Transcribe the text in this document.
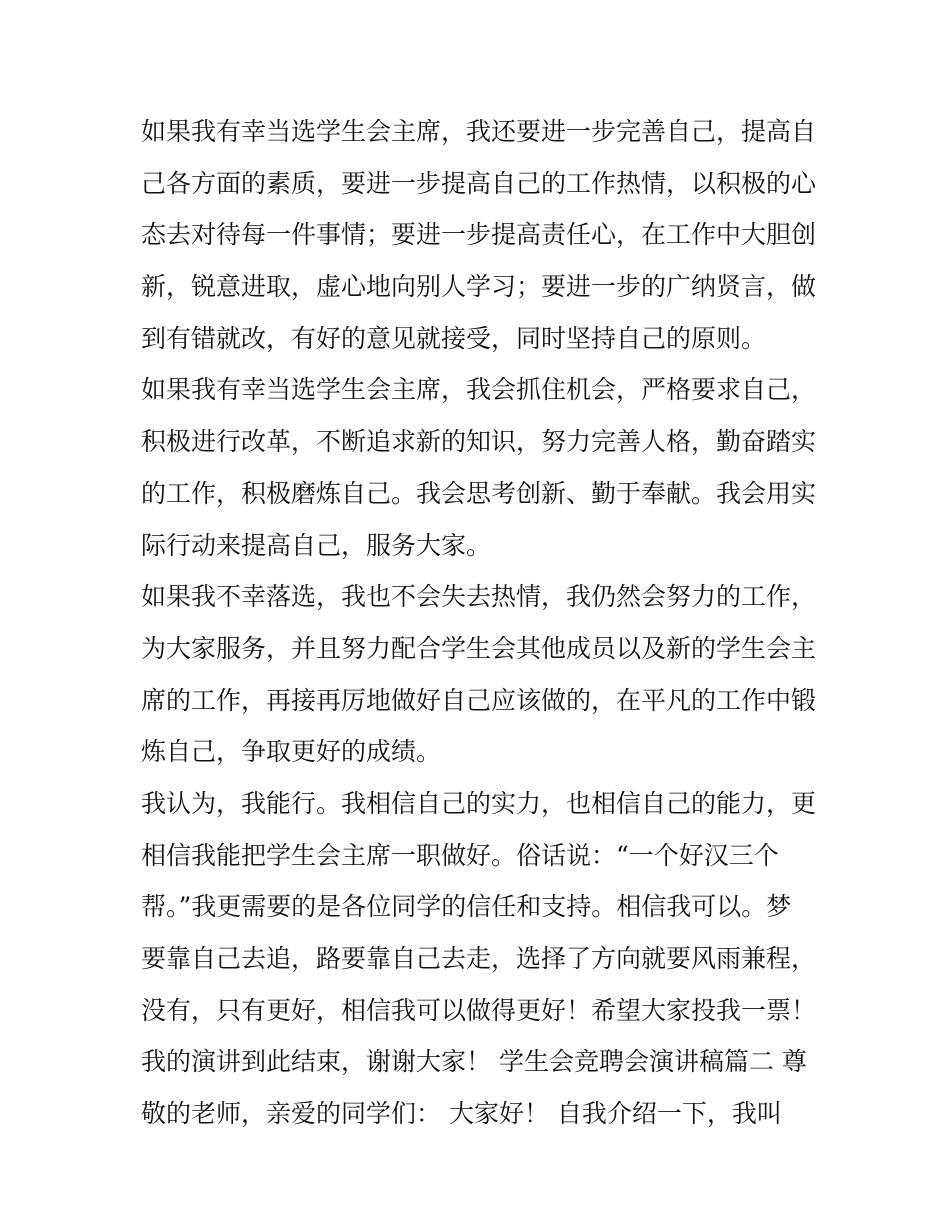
如果我有幸当选学生会主席，我还要进一步完善自己，提高自
己各方面的素质，要进一步提高自己的工作热情，以积极的心
态去对待每一件事情；要进一步提高责任心，在工作中大胆创
新，锐意进取，虚心地向别人学习；要进一步的广纳贤言，做
到有错就改，有好的意见就接受，同时坚持自己的原则。
如果我有幸当选学生会主席，我会抓住机会，严格要求自己，
积极进行改革，不断追求新的知识，努力完善人格，勤奋踏实
的工作，积极磨炼自己。我会思考创新、勤于奉献。我会用实
际行动来提高自己，服务大家。
如果我不幸落选，我也不会失去热情，我仍然会努力的工作，
为大家服务，并且努力配合学生会其他成员以及新的学生会主
席的工作，再接再厉地做好自己应该做的，在平凡的工作中锻
炼自己，争取更好的成绩。
我认为，我能行。我相信自己的实力，也相信自己的能力，更
相信我能把学生会主席一职做好。俗话说：“一个好汉三个
帮。”我更需要的是各位同学的信任和支持。相信我可以。梦
要靠自己去追，路要靠自己去走，选择了方向就要风雨兼程，
没有，只有更好，相信我可以做得更好！希望大家投我一票！
我的演讲到此结束，谢谢大家！ 学生会竞聘会演讲稿篇二 尊
敬的老师，亲爱的同学们： 大家好！ 自我介绍一下，我叫
